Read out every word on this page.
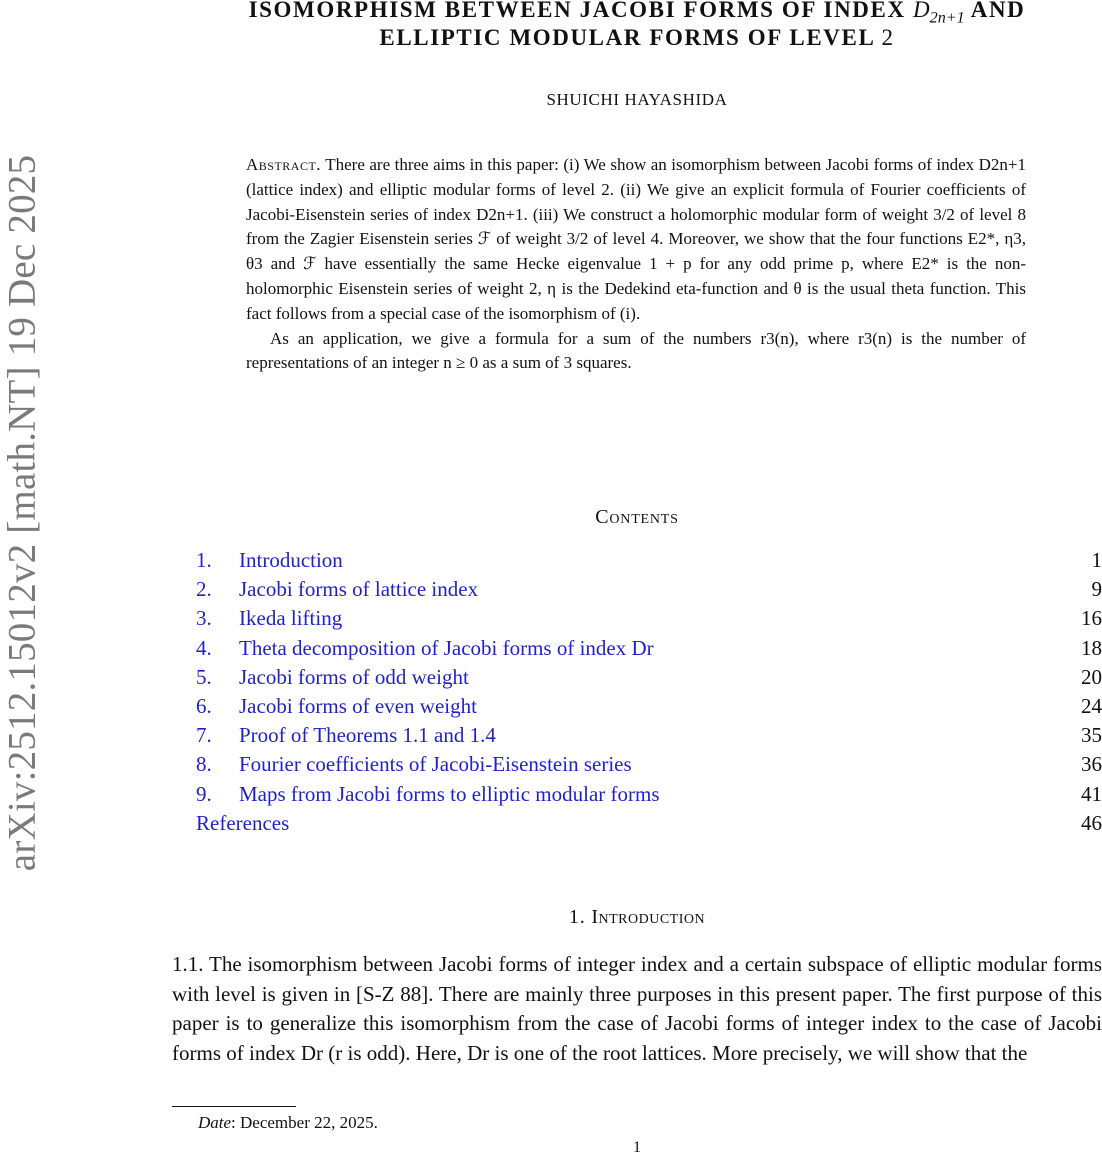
arXiv:2512.15012v2 [math.NT] 19 Dec 2025
ISOMORPHISM BETWEEN JACOBI FORMS OF INDEX $D_{2n+1}$ AND
ELLIPTIC MODULAR FORMS OF LEVEL 2
SHUICHI HAYASHIDA

Abstract. There are three aims in this paper: (i) We show an isomorphism between Jacobi forms of index D2n+1 (lattice index) and elliptic modular forms of level 2. (ii) We give an explicit formula of Fourier coefficients of Jacobi-Eisenstein series of index D2n+1. (iii) We construct a holomorphic modular form of weight 3/2 of level 8 from the Zagier Eisenstein series ℱ of weight 3/2 of level 4. Moreover, we show that the four functions E2*, η3, θ3 and ℱ have essentially the same Hecke eigenvalue 1 + p for any odd prime p, where E2* is the non-holomorphic Eisenstein series of weight 2, η is the Dedekind eta-function and θ is the usual theta function. This fact follows from a special case of the isomorphism of (i).

As an application, we give a formula for a sum of the numbers r3(n), where r3(n) is the number of representations of an integer n ≥ 0 as a sum of 3 squares.

Contents
1. Introduction	1
2. Jacobi forms of lattice index	9
3. Ikeda lifting	16
4. Theta decomposition of Jacobi forms of index Dr	18
5. Jacobi forms of odd weight	20
6. Jacobi forms of even weight	24
7. Proof of Theorems 1.1 and 1.4	35
8. Fourier coefficients of Jacobi-Eisenstein series	36
9. Maps from Jacobi forms to elliptic modular forms	41
References	46
1. Introduction
1.1. The isomorphism between Jacobi forms of integer index and a certain subspace of elliptic modular forms with level is given in [S-Z 88]. There are mainly three purposes in this present paper. The first purpose of this paper is to generalize this isomorphism from the case of Jacobi forms of integer index to the case of Jacobi forms of index Dr (r is odd). Here, Dr is one of the root lattices. More precisely, we will show that the
Date: December 22, 2025.
1
